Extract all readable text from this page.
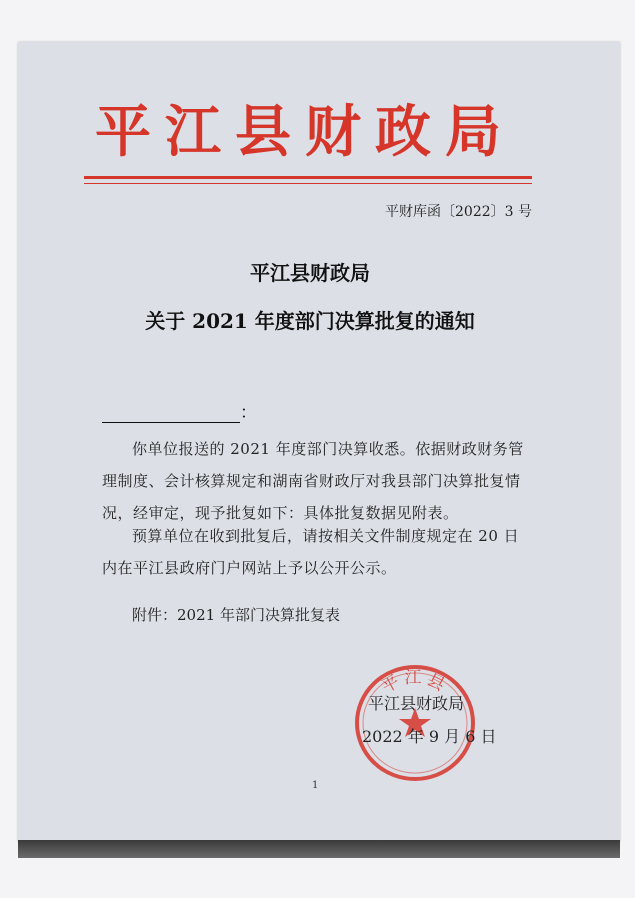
平江县财政局
平财库函〔2022〕3 号
平江县财政局
关于 2021 年度部门决算批复的通知
：
你单位报送的 2021 年度部门决算收悉。依据财政财务管理制度、会计核算规定和湖南省财政厅对我县部门决算批复情况，经审定，现予批复如下：具体批复数据见附表。
预算单位在收到批复后，请按相关文件制度规定在 20 日内在平江县政府门户网站上予以公开公示。
附件：2021 年部门决算批复表
平江县
平江县财政局
2022 年 9 月 6 日
1
